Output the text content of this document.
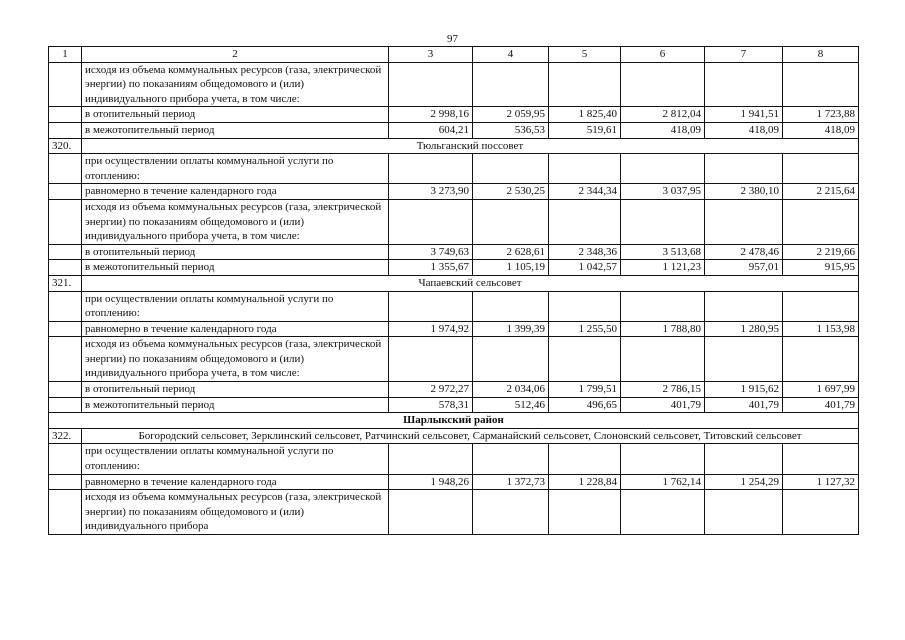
97
1	2	3	4	5	6	7	8
	исходя из объема коммунальных ресурсов (газа, электрической энергии) по показаниям общедомового и (или) индивидуального прибора учета, в том числе:						
	в отопительный период	2 998,16	2 059,95	1 825,40	2 812,04	1 941,51	1 723,88
	в межотопительный период	604,21	536,53	519,61	418,09	418,09	418,09
320.	Тюльганский поссовет						
	при осуществлении оплаты коммунальной услуги по отоплению:						
	равномерно в течение календарного года	3 273,90	2 530,25	2 344,34	3 037,95	2 380,10	2 215,64
	исходя из объема коммунальных ресурсов (газа, электрической энергии) по показаниям общедомового и (или) индивидуального прибора учета, в том числе:						
	в отопительный период	3 749,63	2 628,61	2 348,36	3 513,68	2 478,46	2 219,66
	в межотопительный период	1 355,67	1 105,19	1 042,57	1 121,23	957,01	915,95
321.	Чапаевский сельсовет						
	при осуществлении оплаты коммунальной услуги по отоплению:						
	равномерно в течение календарного года	1 974,92	1 399,39	1 255,50	1 788,80	1 280,95	1 153,98
	исходя из объема коммунальных ресурсов (газа, электрической энергии) по показаниям общедомового и (или) индивидуального прибора учета, в том числе:						
	в отопительный период	2 972,27	2 034,06	1 799,51	2 786,15	1 915,62	1 697,99
	в межотопительный период	578,31	512,46	496,65	401,79	401,79	401,79
Шарлыкский район							
322.	Богородский сельсовет, Зерклинский сельсовет, Ратчинский сельсовет, Сарманайский сельсовет, Слоновский сельсовет, Титовский сельсовет						
	при осуществлении оплаты коммунальной услуги по отоплению:						
	равномерно в течение календарного года	1 948,26	1 372,73	1 228,84	1 762,14	1 254,29	1 127,32
	исходя из объема коммунальных ресурсов (газа, электрической энергии) по показаниям общедомового и (или) индивидуального прибора						
